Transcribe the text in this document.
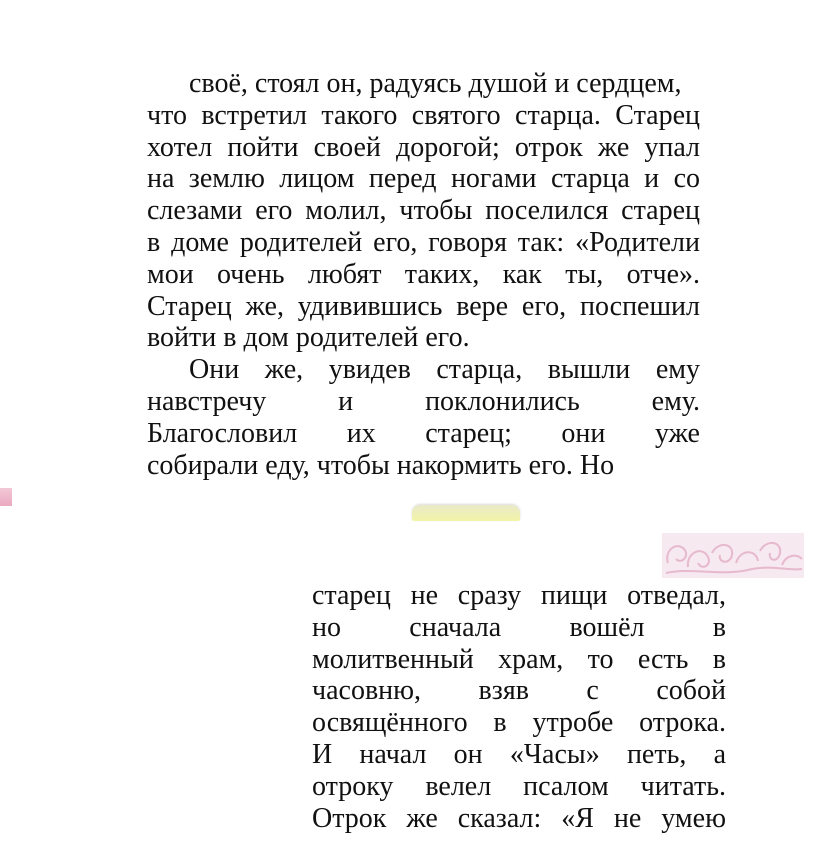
своё, стоял он, радуясь душой и сердцем,
что встретил такого святого старца. Старец
хотел пойти своей дорогой; отрок же упал
на землю лицом перед ногами старца и со
слезами его молил, чтобы поселился старец
в доме родителей его, говоря так: «Родители
мои очень любят таких, как ты, отче».
Старец же, удивившись вере его, поспешил
войти в дом родителей его.
Они же, увидев старца, вышли ему
навстречу и поклонились ему.
Благословил их старец; они уже
собирали еду, чтобы накормить его. Но
старец не сразу пищи отведал,
но сначала вошёл в
молитвенный храм, то есть в
часовню, взяв с собой
освящённого в утробе отрока.
И начал он «Часы» петь, а
отроку велел псалом читать.
Отрок же сказал: «Я не умею
